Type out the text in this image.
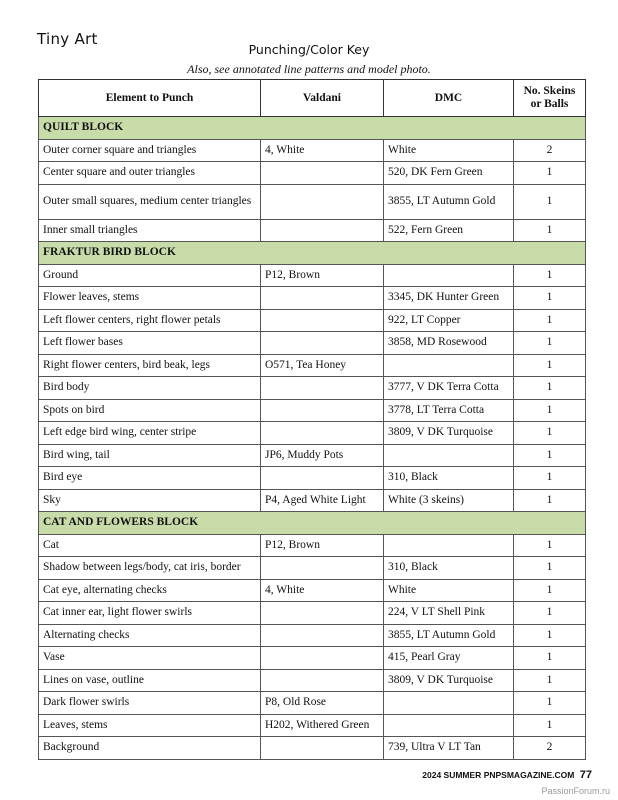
Tiny Art
Punching/Color Key
Also, see annotated line patterns and model photo.
Element to Punch	Valdani	DMC	No. Skeins or Balls
QUILT BLOCK			
Outer corner square and triangles	4, White	White	2
Center square and outer triangles		520, DK Fern Green	1
Outer small squares, medium center triangles		3855, LT Autumn Gold	1
Inner small triangles		522, Fern Green	1
FRAKTUR BIRD BLOCK			
Ground	P12, Brown		1
Flower leaves, stems		3345, DK Hunter Green	1
Left flower centers, right flower petals		922, LT Copper	1
Left flower bases		3858, MD Rosewood	1
Right flower centers, bird beak, legs	O571, Tea Honey		1
Bird body		3777, V DK Terra Cotta	1
Spots on bird		3778, LT Terra Cotta	1
Left edge bird wing, center stripe		3809, V DK Turquoise	1
Bird wing, tail	JP6, Muddy Pots		1
Bird eye		310, Black	1
Sky	P4, Aged White Light	White (3 skeins)	1
CAT AND FLOWERS BLOCK			
Cat	P12, Brown		1
Shadow between legs/body, cat iris, border		310, Black	1
Cat eye, alternating checks	4, White	White	1
Cat inner ear, light flower swirls		224, V LT Shell Pink	1
Alternating checks		3855, LT Autumn Gold	1
Vase		415, Pearl Gray	1
Lines on vase, outline		3809, V DK Turquoise	1
Dark flower swirls	P8, Old Rose		1
Leaves, stems	H202, Withered Green		1
Background		739, Ultra V LT Tan	2
2024 SUMMER PNPSMAGAZINE.COM 77
PassionForum.ru
